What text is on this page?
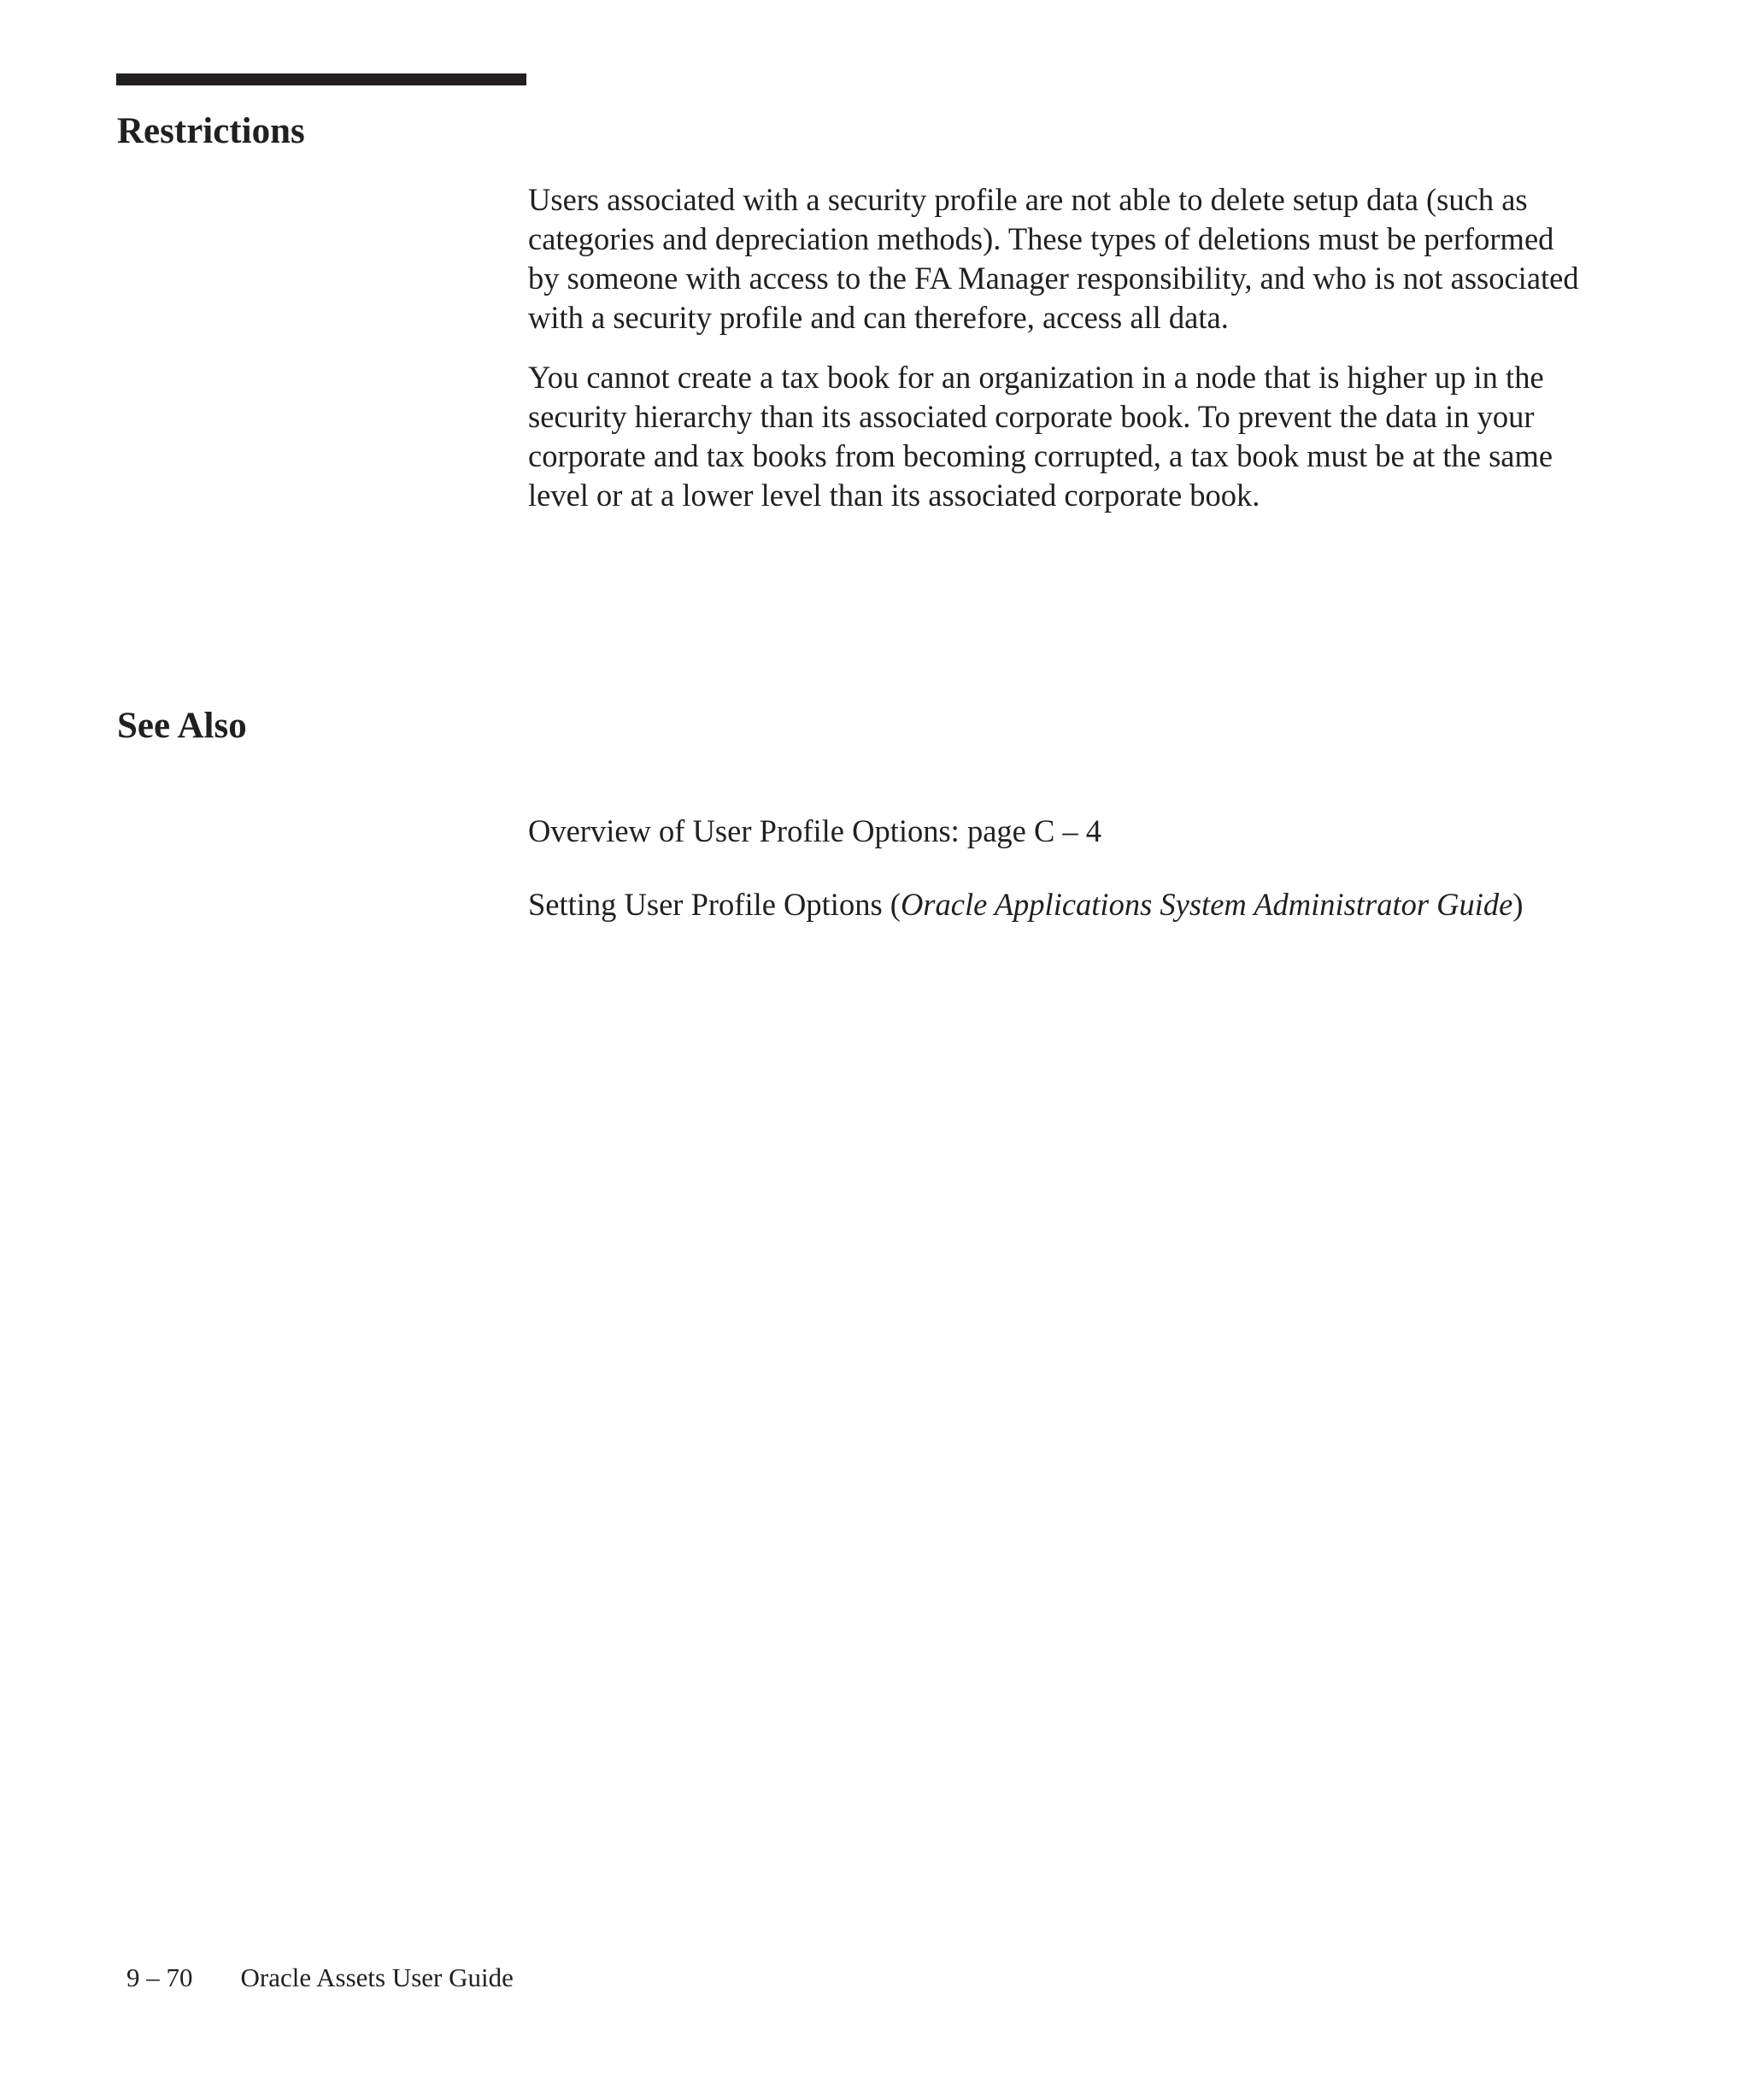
Restrictions

Users associated with a security profile are not able to delete setup data (such as categories and depreciation methods). These types of deletions must be performed by someone with access to the FA Manager responsibility, and who is not associated with a security profile and can therefore, access all data.

You cannot create a tax book for an organization in a node that is higher up in the security hierarchy than its associated corporate book. To prevent the data in your corporate and tax books from becoming corrupted, a tax book must be at the same level or at a lower level than its associated corporate book.

See Also

Overview of User Profile Options: page C – 4

Setting User Profile Options (Oracle Applications System Administrator Guide)

9 – 70 Oracle Assets User Guide
